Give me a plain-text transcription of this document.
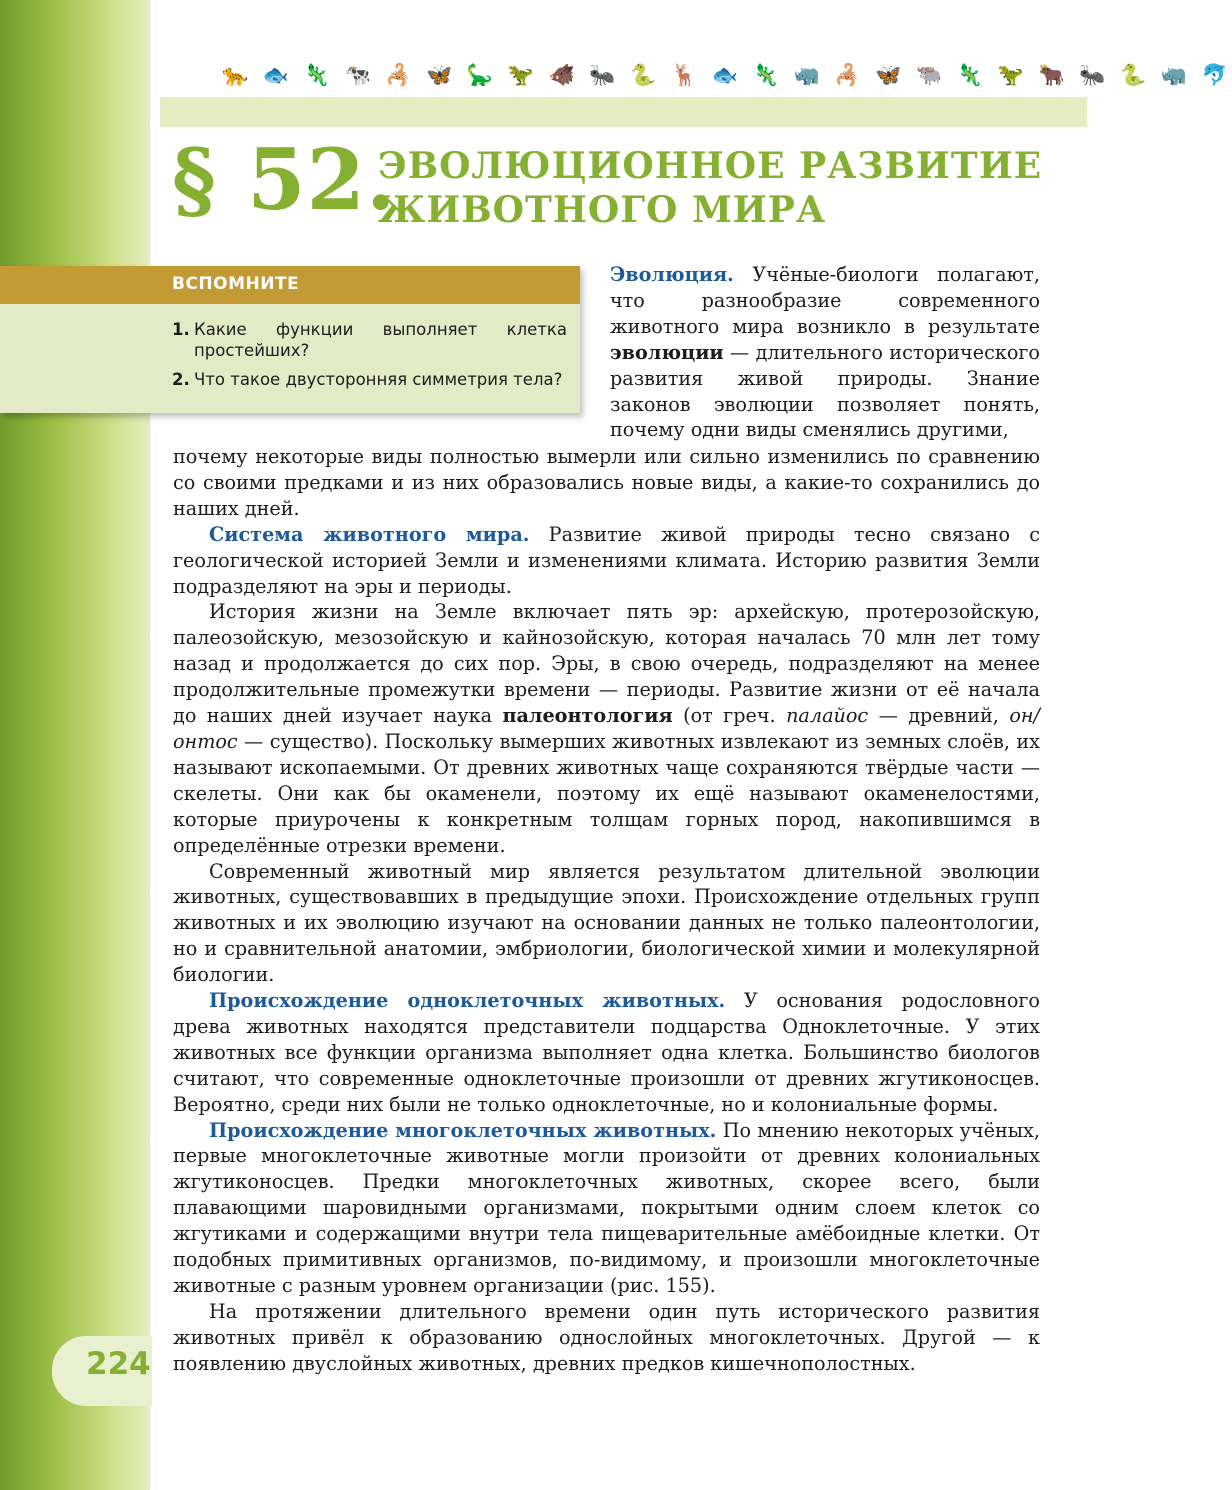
🐆 🐟 🦎 🐄 🦂 🦋 🦕 🦖 🐗 🐜 🐍 🦌 🐟 🦎 🦏 🦂 🦋 🐃 🦎 🦖 🐂 🐜 🐍 🦏 🐬
§ 52.
ЭВОЛЮЦИОННОЕ РАЗВИТИЕ
ЖИВОТНОГО МИРА
ВСПОМНИТЕ
1. Какие функции выполняет клетка простейших?
2. Что такое двусторонняя симметрия тела?

Эволюция. Учёные-биологи полагают, что разнообразие современного животного мира возникло в результате эволюции — длительного исторического развития живой природы. Знание законов эволюции позволяет понять, почему одни виды сменялись другими,

почему некоторые виды полностью вымерли или сильно изменились по сравнению со своими предками и из них образовались новые виды, а какие-то сохранились до наших дней.

Система животного мира. Развитие живой природы тесно связано с геологической историей Земли и изменениями климата. Историю развития Земли подразделяют на эры и периоды.

История жизни на Земле включает пять эр: архейскую, протерозойскую, палеозойскую, мезозойскую и кайнозойскую, которая началась 70 млн лет тому назад и продолжается до сих пор. Эры, в свою очередь, подразделяют на менее продолжительные промежутки времени — периоды. Развитие жизни от её начала до наших дней изучает наука палеонтология (от греч. палайос — древний, он/онтос — существо). Поскольку вымерших животных извлекают из земных слоёв, их называют ископаемыми. От древних животных чаще сохраняются твёрдые части — скелеты. Они как бы окаменели, поэтому их ещё называют окаменелостями, которые приурочены к конкретным толщам горных пород, накопившимся в определённые отрезки времени.

Современный животный мир является результатом длительной эволюции животных, существовавших в предыдущие эпохи. Происхождение отдельных групп животных и их эволюцию изучают на основании данных не только палеонтологии, но и сравнительной анатомии, эмбриологии, биологической химии и молекулярной биологии.

Происхождение одноклеточных животных. У основания родословного древа животных находятся представители подцарства Одноклеточные. У этих животных все функции организма выполняет одна клетка. Большинство биологов считают, что современные одноклеточные произошли от древних жгутиконосцев. Вероятно, среди них были не только одноклеточные, но и колониальные формы.

Происхождение многоклеточных животных. По мнению некоторых учёных, первые многоклеточные животные могли произойти от древних колониальных жгутиконосцев. Предки многоклеточных животных, скорее всего, были плавающими шаровидными организмами, покрытыми одним слоем клеток со жгутиками и содержащими внутри тела пищеварительные амёбоидные клетки. От подобных примитивных организмов, по-видимому, и произошли многоклеточные животные с разным уровнем организации (рис. 155).

На протяжении длительного времени один путь исторического развития животных привёл к образованию однослойных многоклеточных. Другой — к появлению двуслойных животных, древних предков кишечнополостных.

224
